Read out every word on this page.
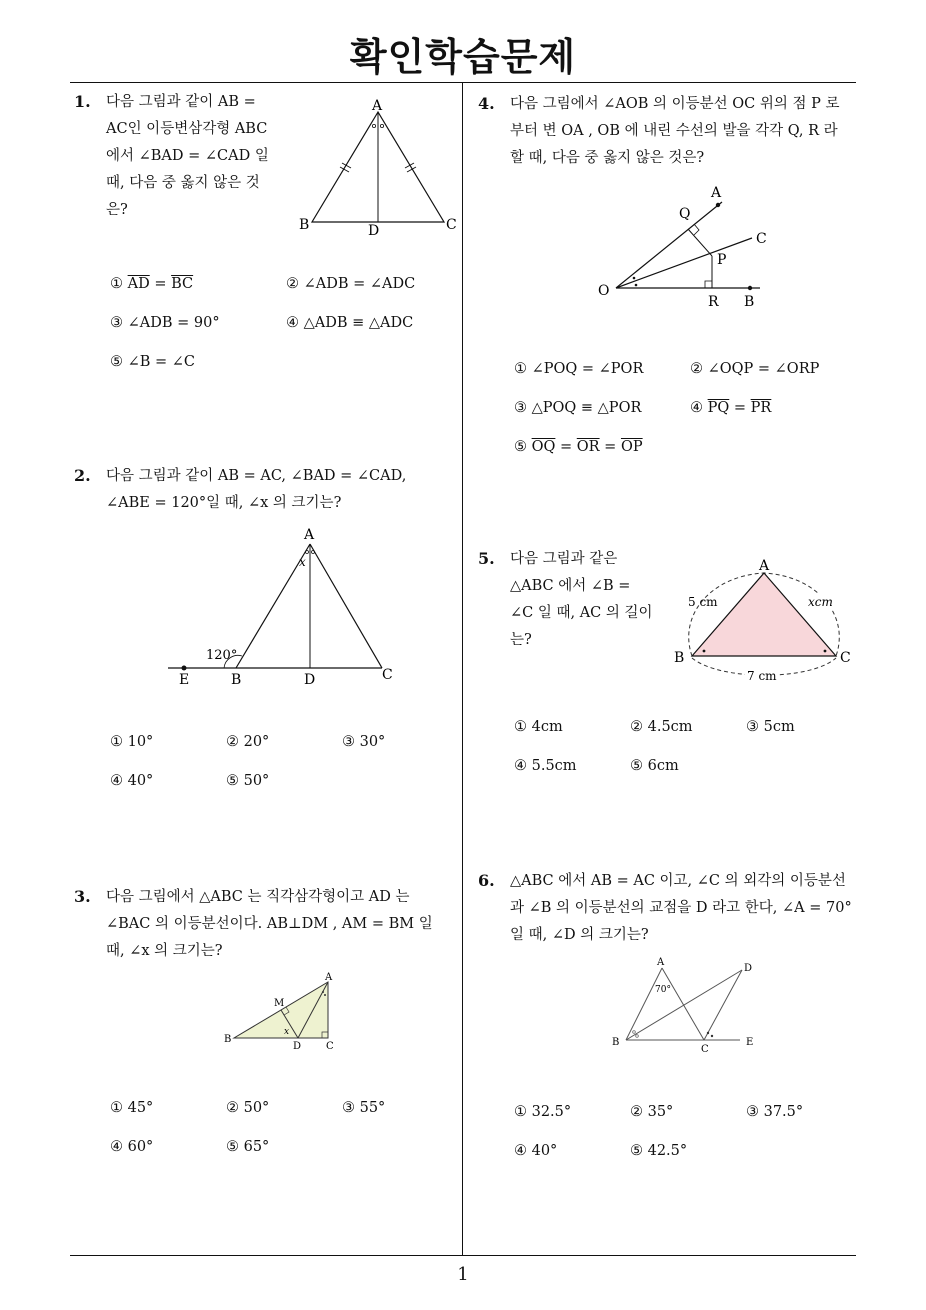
확인학습문제
1
1. 다음 그림과 같이 AB =
AC인 이등변삼각형 ABC
에서 ∠BAD = ∠CAD 일
때, 다음 중 옳지 않은 것
은?
A
B	C
D
① $\overline{AD} = \overline{BC}$	② ∠ADB = ∠ADC
③ ∠ADB = 90°	④ △ADB ≡ △ADC
⑤ ∠B = ∠C
2. 다음 그림과 같이 AB = AC, ∠BAD = ∠CAD,
∠ABE = 120°일 때, ∠x 의 크기는?
A
x
120°
E	B	D	C
① 10°	② 20°	③ 30°
④ 40°	⑤ 50°
3. 다음 그림에서 △ABC 는 직각삼각형이고 AD 는
∠BAC 의 이등분선이다. AB⊥DM , AM = BM 일
때, ∠x 의 크기는?
A
M
x
B
D C
① 45°	② 50°	③ 55°
④ 60°	⑤ 65°
4. 다음 그림에서 ∠AOB 의 이등분선 OC 위의 점 P 로
부터 변 OA , OB 에 내린 수선의 발을 각각 Q, R 라
할 때, 다음 중 옳지 않은 것은?
A
Q
C
P
O
R B
① ∠POQ = ∠POR	② ∠OQP = ∠ORP
③ △POQ ≡ △POR	④ $\overline{PQ} = \overline{PR}$
⑤ $\overline{OQ} = \overline{OR} = \overline{OP}$
5. 다음 그림과 같은
△ABC 에서 ∠B =
∠C 일 때, AC 의 길이
는?
A
B	C
5 cm	xcm
7 cm
① 4cm	② 4.5cm	③ 5cm
④ 5.5cm	⑤ 6cm
6. △ABC 에서 AB = AC 이고, ∠C 의 외각의 이등분선
과 ∠B 의 이등분선의 교점을 D 라고 한다, ∠A = 70°
일 때, ∠D 의 크기는?
A
70°
D
B
C
E
① 32.5°	② 35°	③ 37.5°
④ 40°	⑤ 42.5°
